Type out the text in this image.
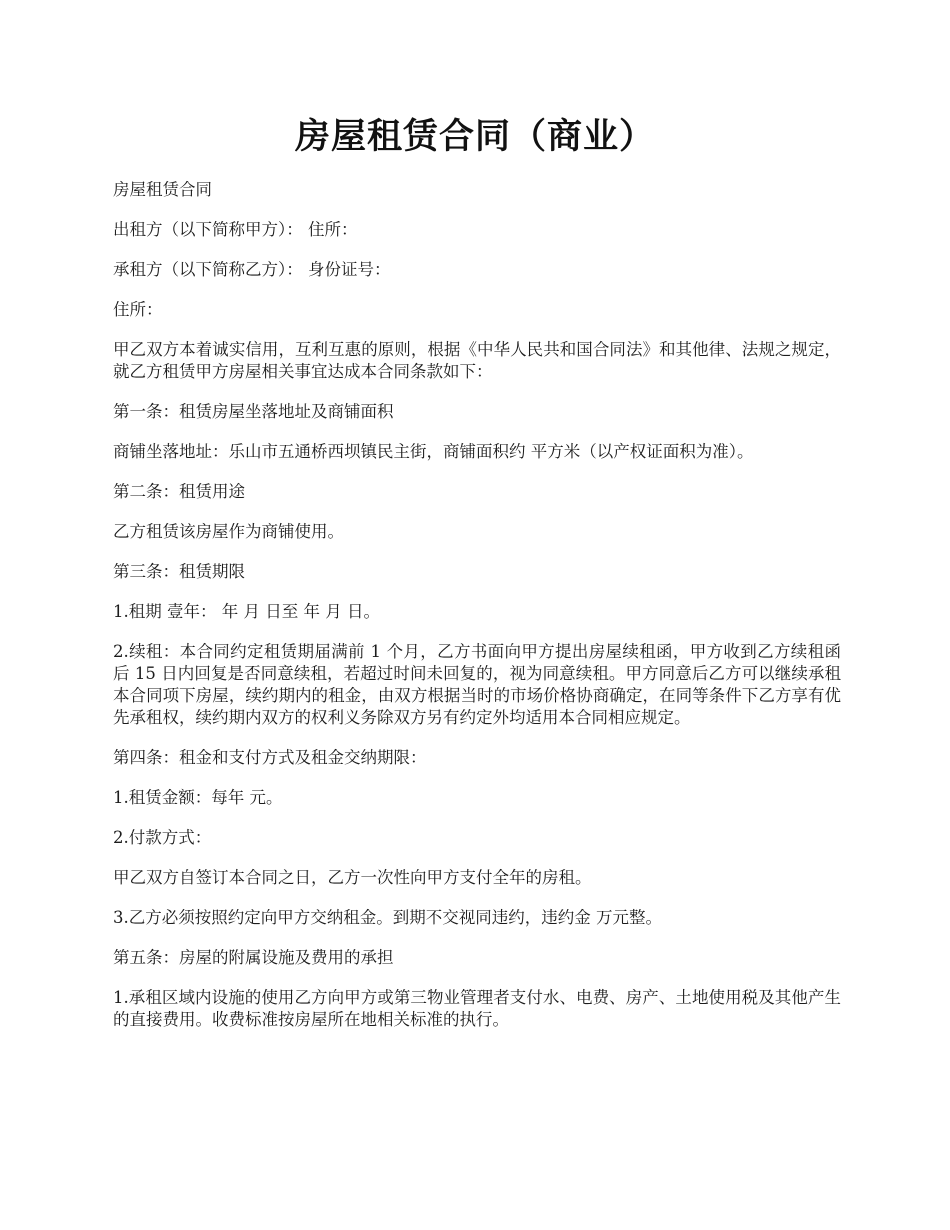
房屋租赁合同（商业）

房屋租赁合同

出租方（以下简称甲方）： 住所：

承租方（以下简称乙方）： 身份证号：

住所：

甲乙双方本着诚实信用，互利互惠的原则，根据《中华人民共和国合同法》和其他律、法规之规定，就乙方租赁甲方房屋相关事宜达成本合同条款如下：

第一条：租赁房屋坐落地址及商铺面积

商铺坐落地址：乐山市五通桥西坝镇民主街，商铺面积约 平方米（以产权证面积为准）。

第二条：租赁用途

乙方租赁该房屋作为商铺使用。

第三条：租赁期限

1.租期 壹年： 年 月 日至 年 月 日。

2.续租：本合同约定租赁期届满前 1 个月，乙方书面向甲方提出房屋续租函，甲方收到乙方续租函后 15 日内回复是否同意续租，若超过时间未回复的，视为同意续租。甲方同意后乙方可以继续承租本合同项下房屋，续约期内的租金，由双方根据当时的市场价格协商确定，在同等条件下乙方享有优先承租权，续约期内双方的权利义务除双方另有约定外均适用本合同相应规定。

第四条：租金和支付方式及租金交纳期限：

1.租赁金额：每年 元。

2.付款方式：

甲乙双方自签订本合同之日，乙方一次性向甲方支付全年的房租。

3.乙方必须按照约定向甲方交纳租金。到期不交视同违约，违约金 万元整。

第五条：房屋的附属设施及费用的承担

1.承租区域内设施的使用乙方向甲方或第三物业管理者支付水、电费、房产、土地使用税及其他产生的直接费用。收费标准按房屋所在地相关标准的执行。
